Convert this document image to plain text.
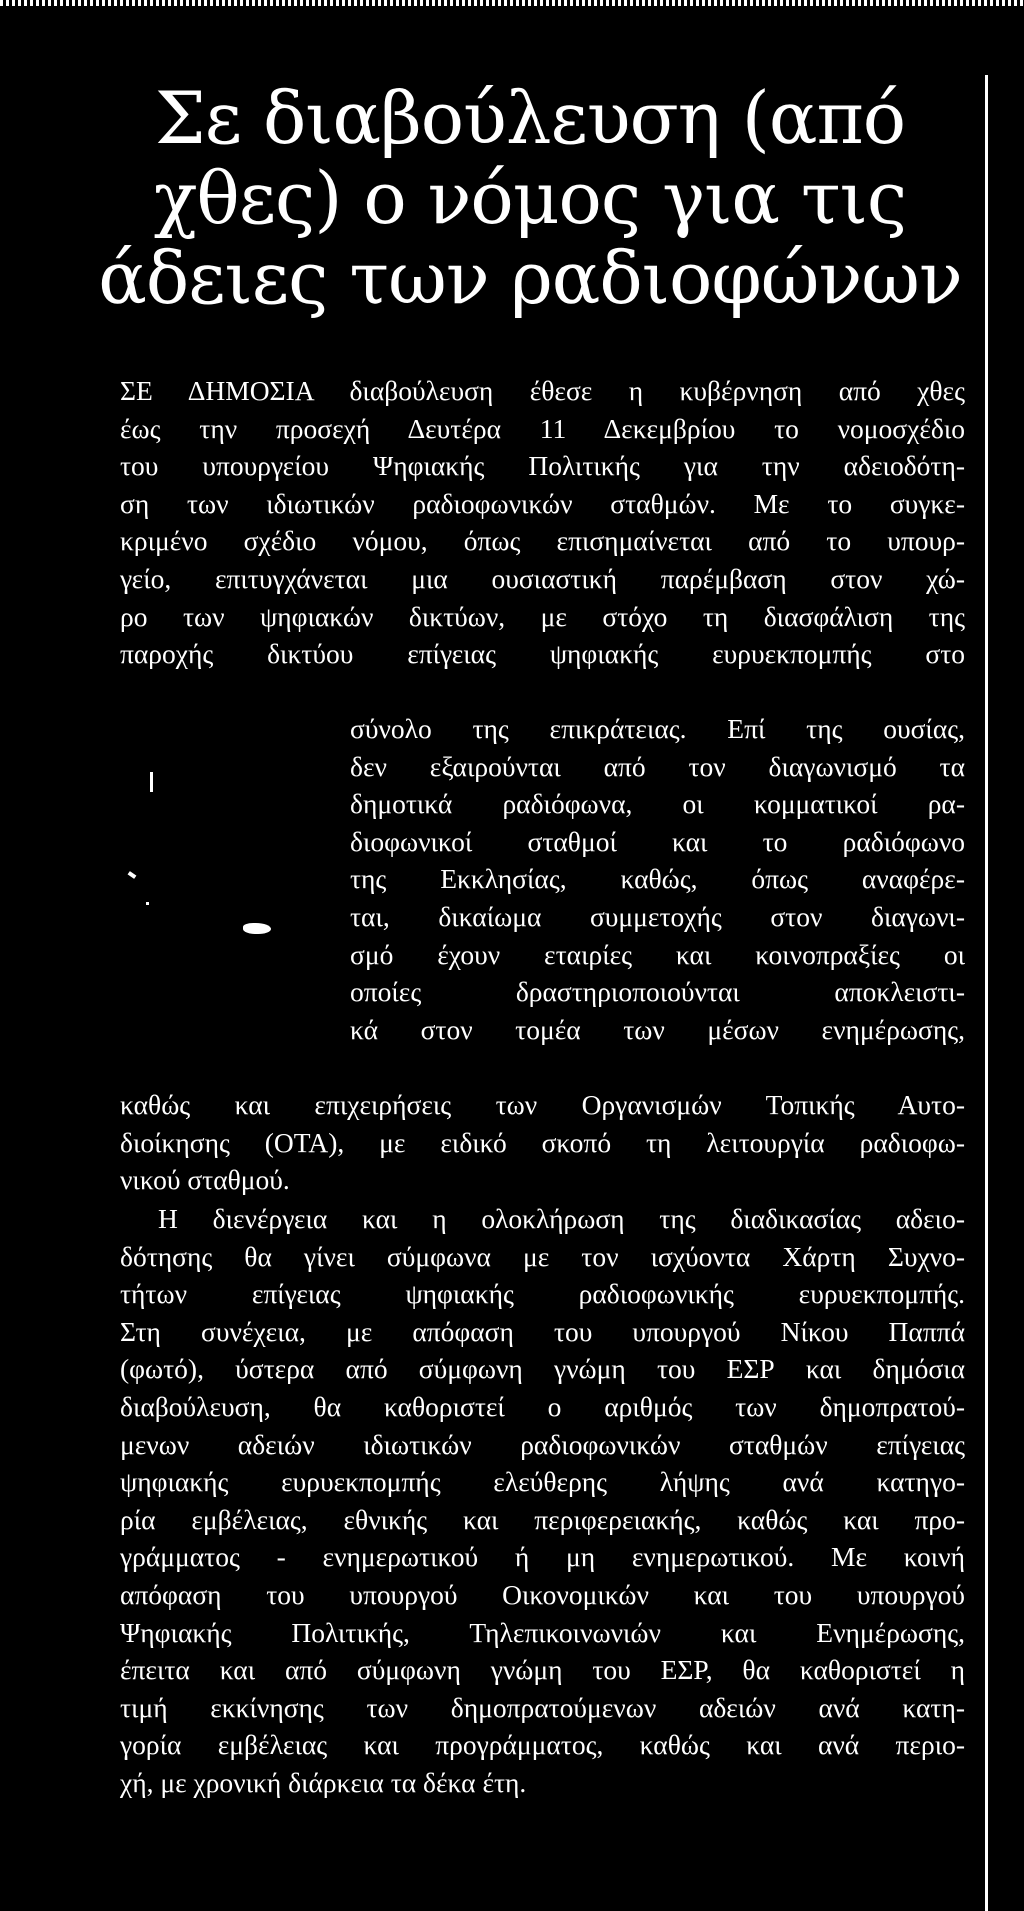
Σε διαβούλευση (από
χθες) ο νόμος για τις
άδειες των ραδιοφώνων
ΣΕ ΔΗΜΟΣΙΑ διαβούλευση έθεσε η κυβέρνηση από χθες
έως την προσεχή Δευτέρα 11 Δεκεμβρίου το νομοσχέδιο
του υπουργείου Ψηφιακής Πολιτικής για την αδειοδότη-
ση των ιδιωτικών ραδιοφωνικών σταθμών. Με το συγκε-
κριμένο σχέδιο νόμου, όπως επισημαίνεται από το υπουρ-
γείο, επιτυγχάνεται μια ουσιαστική παρέμβαση στον χώ-
ρο των ψηφιακών δικτύων, με στόχο τη διασφάλιση της
παροχής δικτύου επίγειας ψηφιακής ευρυεκπομπής στο
σύνολο της επικράτειας. Επί της ουσίας,
δεν εξαιρούνται από τον διαγωνισμό τα
δημοτικά ραδιόφωνα, οι κομματικοί ρα-
διοφωνικοί σταθμοί και το ραδιόφωνο
της Εκκλησίας, καθώς, όπως αναφέρε-
ται, δικαίωμα συμμετοχής στον διαγωνι-
σμό έχουν εταιρίες και κοινοπραξίες οι
οποίες δραστηριοποιούνται αποκλειστι-
κά στον τομέα των μέσων ενημέρωσης,
καθώς και επιχειρήσεις των Οργανισμών Τοπικής Αυτο-
διοίκησης (ΟΤΑ), με ειδικό σκοπό τη λειτουργία ραδιοφω-
νικού σταθμού.
Η διενέργεια και η ολοκλήρωση της διαδικασίας αδειο-
δότησης θα γίνει σύμφωνα με τον ισχύοντα Χάρτη Συχνο-
τήτων επίγειας ψηφιακής ραδιοφωνικής ευρυεκπομπής.
Στη συνέχεια, με απόφαση του υπουργού Νίκου Παππά
(φωτό), ύστερα από σύμφωνη γνώμη του ΕΣΡ και δημόσια
διαβούλευση, θα καθοριστεί ο αριθμός των δημοπρατού-
μενων αδειών ιδιωτικών ραδιοφωνικών σταθμών επίγειας
ψηφιακής ευρυεκπομπής ελεύθερης λήψης ανά κατηγο-
ρία εμβέλειας, εθνικής και περιφερειακής, καθώς και προ-
γράμματος - ενημερωτικού ή μη ενημερωτικού. Με κοινή
απόφαση του υπουργού Οικονομικών και του υπουργού
Ψηφιακής Πολιτικής, Τηλεπικοινωνιών και Ενημέρωσης,
έπειτα και από σύμφωνη γνώμη του ΕΣΡ, θα καθοριστεί η
τιμή εκκίνησης των δημοπρατούμενων αδειών ανά κατη-
γορία εμβέλειας και προγράμματος, καθώς και ανά περιο-
χή, με χρονική διάρκεια τα δέκα έτη.
